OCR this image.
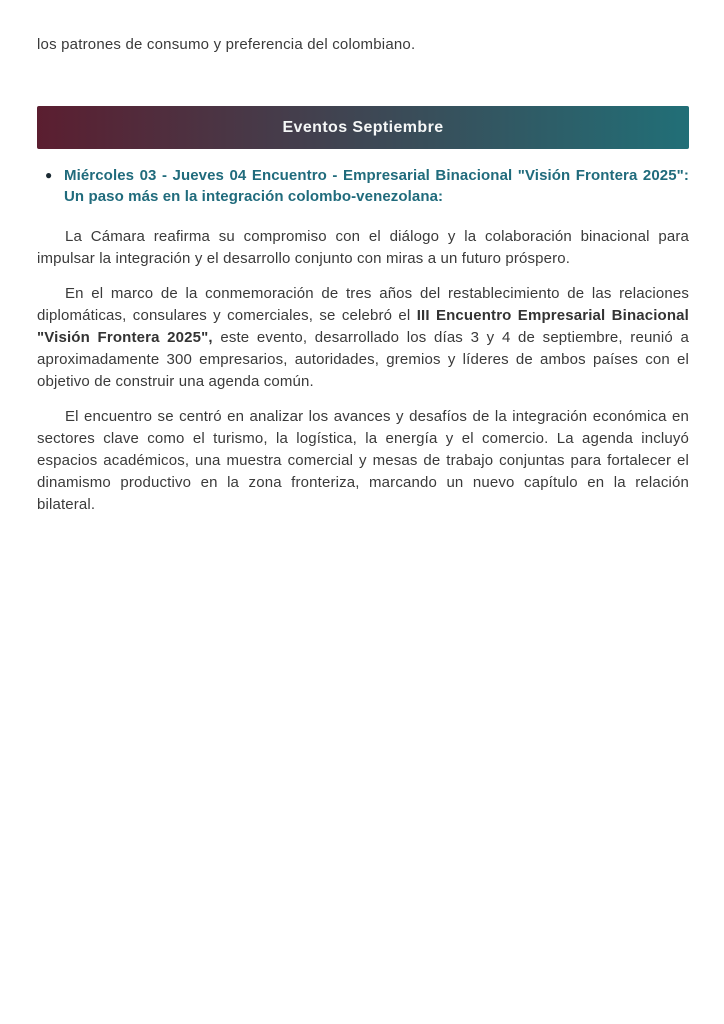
los patrones de consumo y preferencia del colombiano.

Eventos Septiembre
● Miércoles 03 - Jueves 04 Encuentro - Empresarial Binacional "Visión Frontera 2025": Un paso más en la integración colombo-venezolana:

La Cámara reafirma su compromiso con el diálogo y la colaboración binacional para impulsar la integración y el desarrollo conjunto con miras a un futuro próspero.

En el marco de la conmemoración de tres años del restablecimiento de las relaciones diplomáticas, consulares y comerciales, se celebró el III Encuentro Empresarial Binacional "Visión Frontera 2025", este evento, desarrollado los días 3 y 4 de septiembre, reunió a aproximadamente 300 empresarios, autoridades, gremios y líderes de ambos países con el objetivo de construir una agenda común.

El encuentro se centró en analizar los avances y desafíos de la integración económica en sectores clave como el turismo, la logística, la energía y el comercio. La agenda incluyó espacios académicos, una muestra comercial y mesas de trabajo conjuntas para fortalecer el dinamismo productivo en la zona fronteriza, marcando un nuevo capítulo en la relación bilateral.
